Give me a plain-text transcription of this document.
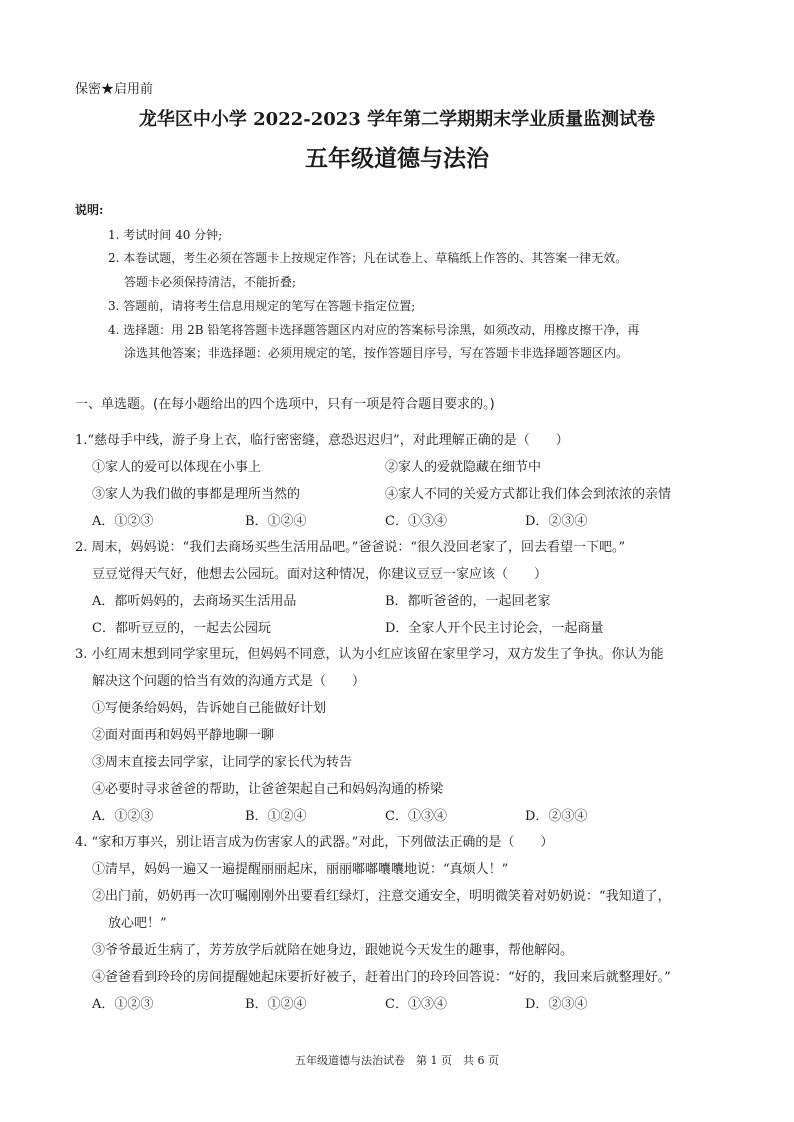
保密★启用前
龙华区中小学 2022-2023 学年第二学期期末学业质量监测试卷
五年级道德与法治
说明:
1. 考试时间 40 分钟;
2. 本卷试题，考生必须在答题卡上按规定作答；凡在试卷上、草稿纸上作答的、其答案一律无效。
答题卡必须保持清洁，不能折叠;
3. 答题前，请将考生信息用规定的笔写在答题卡指定位置;
4. 选择题：用 2B 铅笔将答题卡选择题答题区内对应的答案标号涂黑，如须改动，用橡皮擦干净，再
涂选其他答案；非选择题：必须用规定的笔，按作答题目序号，写在答题卡非选择题答题区内。
一、单选题。(在每小题给出的四个选项中，只有一项是符合题目要求的。)
1.“慈母手中线，游子身上衣，临行密密缝，意恐迟迟归”，对此理解正确的是（　　）
①家人的爱可以体现在小事上	②家人的爱就隐藏在细节中
③家人为我们做的事都是理所当然的	④家人不同的关爱方式都让我们体会到浓浓的亲情
A．①②③	B．①②④	C．①③④	D．②③④
2. 周末，妈妈说：“我们去商场买些生活用品吧。”爸爸说：“很久没回老家了，回去看望一下吧。”
豆豆觉得天气好，他想去公园玩。面对这种情况，你建议豆豆一家应该（　　）
A．都听妈妈的，去商场买生活用品	B．都听爸爸的，一起回老家
C．都听豆豆的，一起去公园玩	D．全家人开个民主讨论会，一起商量
3. 小红周末想到同学家里玩，但妈妈不同意，认为小红应该留在家里学习，双方发生了争执。你认为能
解决这个问题的恰当有效的沟通方式是（　　）
①写便条给妈妈，告诉她自己能做好计划
②面对面再和妈妈平静地聊一聊
③周末直接去同学家，让同学的家长代为转告
④必要时寻求爸爸的帮助，让爸爸架起自己和妈妈沟通的桥梁
A．①②③	B．①②④	C．①③④	D．②③④
4. “家和万事兴，别让语言成为伤害家人的武器。”对此，下列做法正确的是（　　）
①清早，妈妈一遍又一遍提醒丽丽起床，丽丽嘟嘟囔囔地说：“真烦人！”
②出门前，奶奶再一次叮嘱刚刚外出要看红绿灯，注意交通安全，明明微笑着对奶奶说：“我知道了，
放心吧！”
③爷爷最近生病了，芳芳放学后就陪在她身边，跟她说今天发生的趣事，帮他解闷。
④爸爸看到玲玲的房间提醒她起床要折好被子，赶着出门的玲玲回答说：“好的，我回来后就整理好。”
A．①②③	B．①②④	C．①③④	D．②③④
五年级道德与法治试卷　第 1 页　共 6 页
